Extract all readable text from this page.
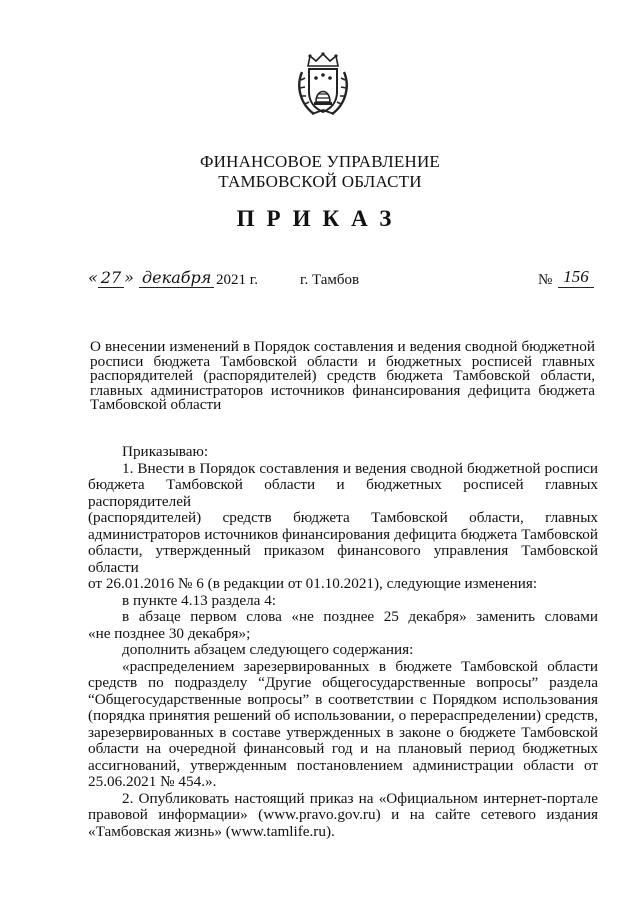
ФИНАНСОВОЕ УПРАВЛЕНИЕ
ТАМБОВСКОЙ ОБЛАСТИ
ПРИКАЗ
« 27 » декабря 2021 г.	г. Тамбов	№ 156
О внесении изменений в Порядок составления и ведения сводной бюджетной
росписи бюджета Тамбовской области и бюджетных росписей главных
распорядителей (распорядителей) средств бюджета Тамбовской области,
главных администраторов источников финансирования дефицита бюджета
Тамбовской области
Приказываю:
1. Внести в Порядок составления и ведения сводной бюджетной росписи
бюджета Тамбовской области и бюджетных росписей главных распорядителей
(распорядителей) средств бюджета Тамбовской области, главных
администраторов источников финансирования дефицита бюджета Тамбовской
области, утвержденный приказом финансового управления Тамбовской области
от 26.01.2016 № 6 (в редакции от 01.10.2021), следующие изменения:
в пункте 4.13 раздела 4:
в абзаце первом слова «не позднее 25 декабря» заменить словами
«не позднее 30 декабря»;
дополнить абзацем следующего содержания:
«распределением зарезервированных в бюджете Тамбовской области
средств по подразделу “Другие общегосударственные вопросы” раздела
“Общегосударственные вопросы” в соответствии с Порядком использования
(порядка принятия решений об использовании, о перераспределении) средств,
зарезервированных в составе утвержденных в законе о бюджете Тамбовской
области на очередной финансовый год и на плановый период бюджетных
ассигнований, утвержденным постановлением администрации области от
25.06.2021 № 454.».
2. Опубликовать настоящий приказ на «Официальном интернет-портале
правовой информации» (www.pravo.gov.ru) и на сайте сетевого издания
«Тамбовская жизнь» (www.tamlife.ru).
